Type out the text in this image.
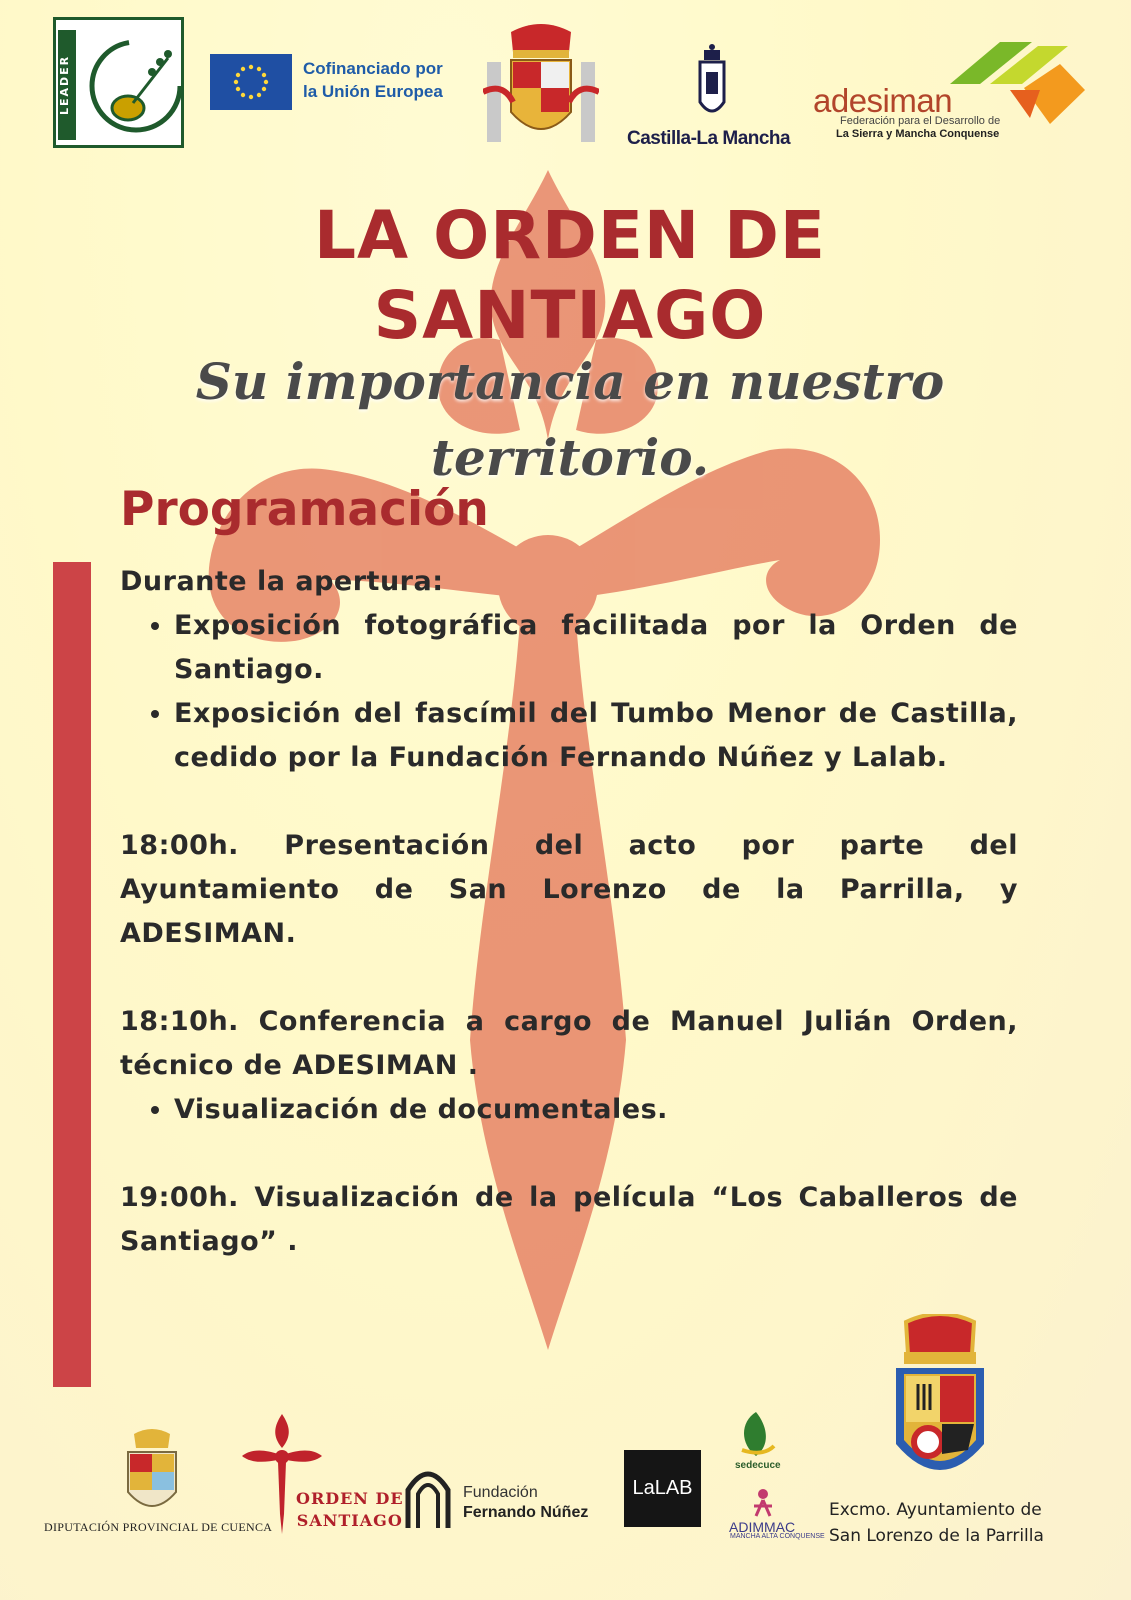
LEADER	Cofinanciado por
la Unión Europea
Castilla-La Mancha
adesiman
Federación para el Desarrollo de
La Sierra y Mancha Conquense
LA ORDEN DE
SANTIAGO
Su importancia en nuestro
territorio.
Programación

Durante la apertura:

• Exposición fotográfica facilitada por la Orden de Santiago.
• Exposición del fascímil del Tumbo Menor de Castilla, cedido por la Fundación Fernando Núñez y Lalab.

18:00h. Presentación del acto por parte del Ayuntamiento de San Lorenzo de la Parrilla, y ADESIMAN.

18:10h. Conferencia a cargo de Manuel Julián Orden, técnico de ADESIMAN .

• Visualización de documentales.

19:00h. Visualización de la película “Los Caballeros de Santiago” .

DIPUTACIÓN PROVINCIAL DE CUENCA
ORDEN DE
SANTIAGO
Fundación
Fernando Núñez
LaLAB
sedecuce
ADIMMAC
MANCHA ALTA CONQUENSE
Excmo. Ayuntamiento de
San Lorenzo de la Parrilla
